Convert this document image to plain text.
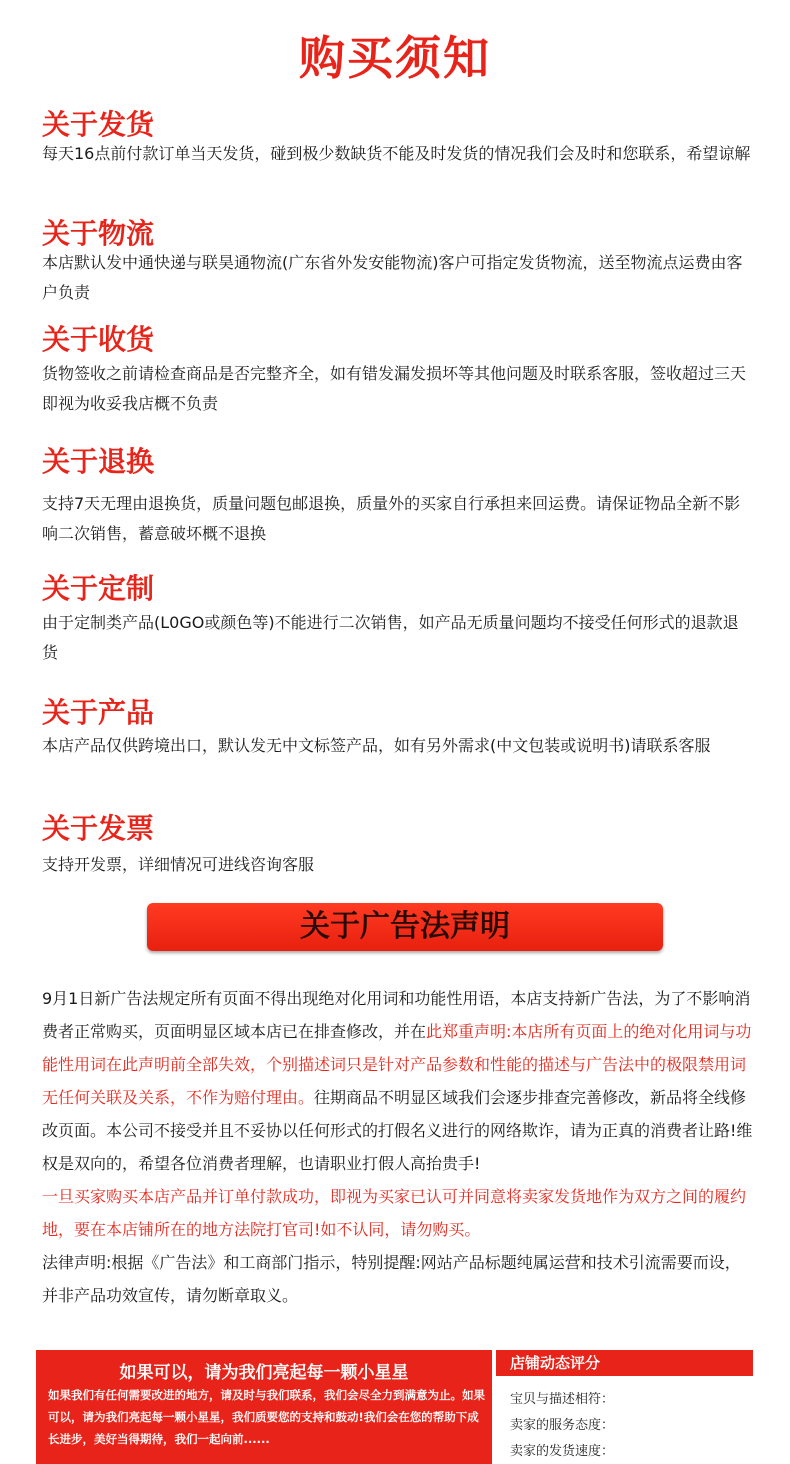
购买须知
关于发货
每天16点前付款订单当天发货，碰到极少数缺货不能及时发货的情况我们会及时和您联系，希望谅解
关于物流
本店默认发中通快递与联昊通物流(广东省外发安能物流)客户可指定发货物流，送至物流点运费由客户负责
关于收货
货物签收之前请检查商品是否完整齐全，如有错发漏发损坏等其他问题及时联系客服，签收超过三天即视为收妥我店概不负责
关于退换
支持7天无理由退换货，质量问题包邮退换，质量外的买家自行承担来回运费。请保证物品全新不影响二次销售，蓄意破坏概不退换
关于定制
由于定制类产品(L0GO或颜色等)不能进行二次销售，如产品无质量问题均不接受任何形式的退款退货
关于产品
本店产品仅供跨境出口，默认发无中文标签产品，如有另外需求(中文包装或说明书)请联系客服
关于发票
支持开发票，详细情况可进线咨询客服
关于广告法声明
9月1日新广告法规定所有页面不得出现绝对化用词和功能性用语，本店支持新广告法，为了不影响消费者正常购买，页面明显区域本店已在排查修改，并在此郑重声明:本店所有页面上的绝对化用词与功能性用词在此声明前全部失效，个别描述词只是针对产品参数和性能的描述与广告法中的极限禁用词无任何关联及关系，不作为赔付理由。往期商品不明显区域我们会逐步排查完善修改，新品将全线修改页面。本公司不接受并且不妥协以任何形式的打假名义进行的网络欺诈，请为正真的消费者让路!维权是双向的，希望各位消费者理解，也请职业打假人高抬贵手!
一旦买家购买本店产品并订单付款成功，即视为买家已认可并同意将卖家发货地作为双方之间的履约地，要在本店铺所在的地方法院打官司!如不认同，请勿购买。
法律声明:根据《广告法》和工商部门指示，特别提醒:网站产品标题纯属运营和技术引流需要而设，并非产品功效宣传，请勿断章取义。
如果可以，请为我们亮起每一颗小星星
如果我们有任何需要改进的地方，请及时与我们联系，我们会尽全力到满意为止。如果可以，请为我们亮起每一颗小星星，我们质要您的支持和鼓动!我们会在您的帮助下成长进步，美好当得期待，我们一起向前......
店铺动态评分
宝贝与描述相符：
卖家的服务态度：
卖家的发货速度：
